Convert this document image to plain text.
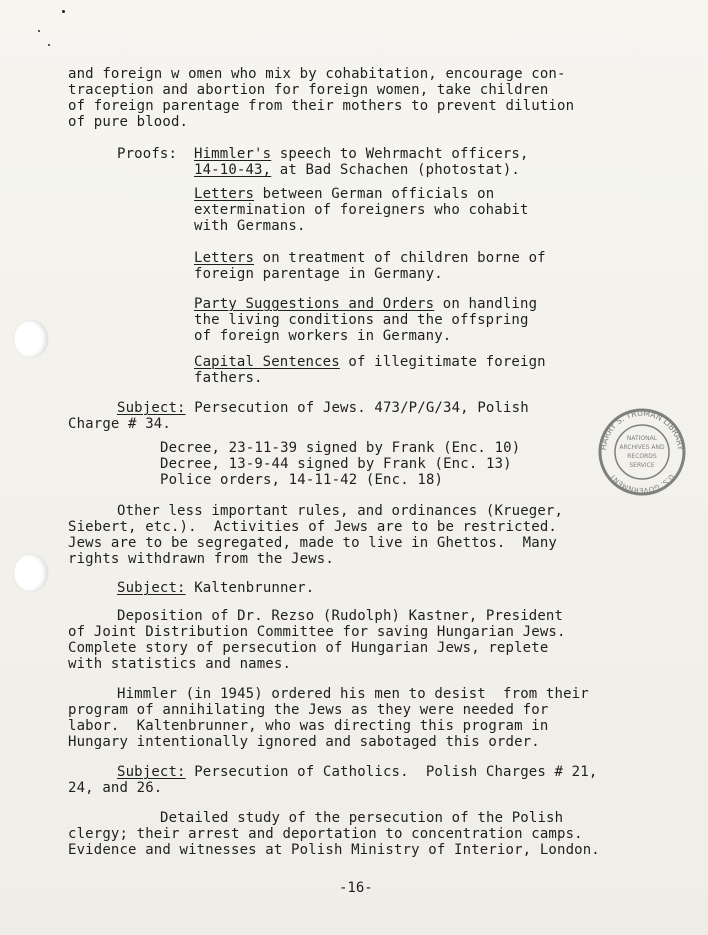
and foreign w omen who mix by cohabitation, encourage con-
traception and abortion for foreign women, take children
of foreign parentage from their mothers to prevent dilution
of pure blood.
Proofs: Himmler's speech to Wehrmacht officers,
14-10-43, at Bad Schachen (photostat).
Letters between German officials on
extermination of foreigners who cohabit
with Germans.
Letters on treatment of children borne of
foreign parentage in Germany.
Party Suggestions and Orders on handling
the living conditions and the offspring
of foreign workers in Germany.
Capital Sentences of illegitimate foreign
fathers.
Subject: Persecution of Jews. 473/P/G/34, Polish
Charge # 34.
Decree, 23-11-39 signed by Frank (Enc. 10)
Decree, 13-9-44 signed by Frank (Enc. 13)
Police orders, 14-11-42 (Enc. 18)
Other less important rules, and ordinances (Krueger,
Siebert, etc.).  Activities of Jews are to be restricted.
Jews are to be segregated, made to live in Ghettos.  Many
rights withdrawn from the Jews.
Subject: Kaltenbrunner.
Deposition of Dr. Rezso (Rudolph) Kastner, President
of Joint Distribution Committee for saving Hungarian Jews.
Complete story of persecution of Hungarian Jews, replete
with statistics and names.
Himmler (in 1945) ordered his men to desist  from their
program of annihilating the Jews as they were needed for
labor.  Kaltenbrunner, who was directing this program in
Hungary intentionally ignored and sabotaged this order.
Subject: Persecution of Catholics.  Polish Charges # 21,
24, and 26.
Detailed study of the persecution of the Polish
clergy; their arrest and deportation to concentration camps.
Evidence and witnesses at Polish Ministry of Interior, London.
HARRY S. TRUMAN LIBRARY
U.S. GOVERNMENT
NATIONAL
ARCHIVES AND
RECORDS
SERVICE
-16-
